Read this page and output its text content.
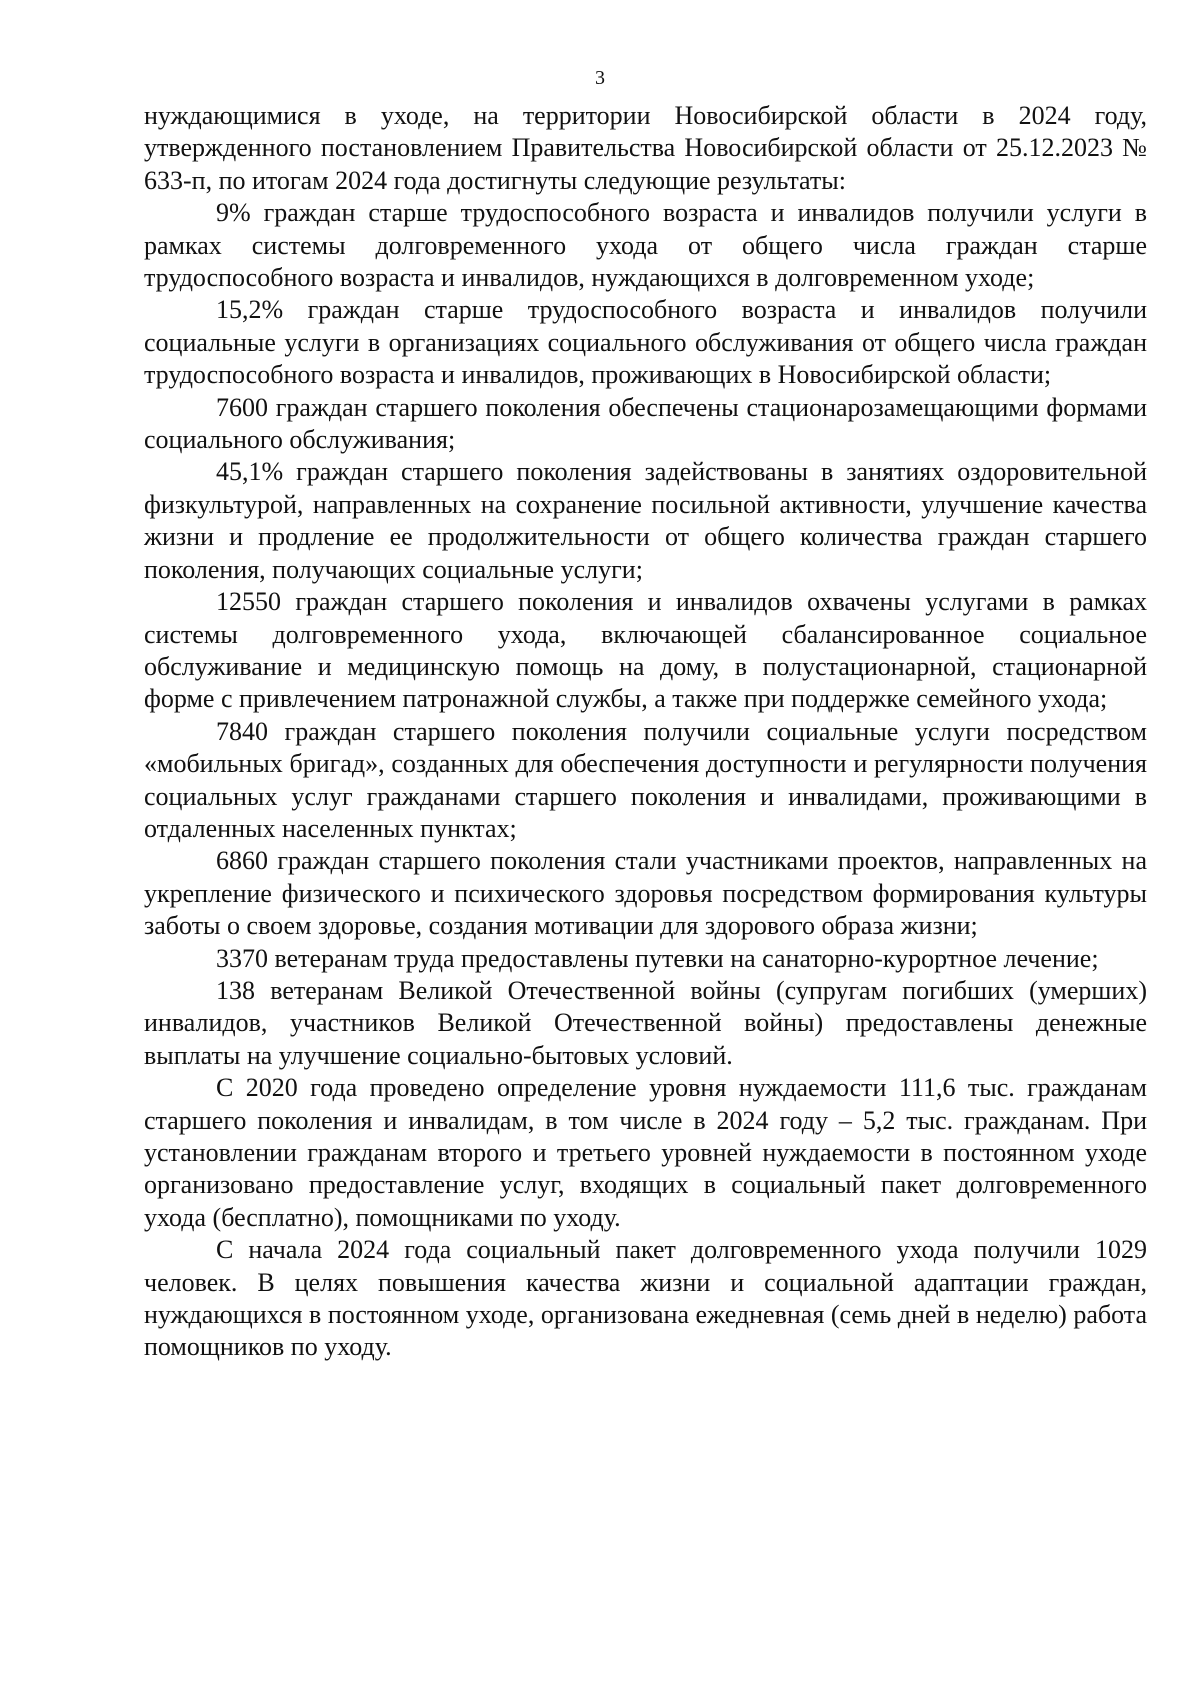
3

нуждающимися в уходе, на территории Новосибирской области в 2024 году, утвержденного постановлением Правительства Новосибирской области от 25.12.2023 № 633-п, по итогам 2024 года достигнуты следующие результаты:

9% граждан старше трудоспособного возраста и инвалидов получили услуги в рамках системы долговременного ухода от общего числа граждан старше трудоспособного возраста и инвалидов, нуждающихся в долговременном уходе;

15,2% граждан старше трудоспособного возраста и инвалидов получили социальные услуги в организациях социального обслуживания от общего числа граждан трудоспособного возраста и инвалидов, проживающих в Новосибирской области;

7600 граждан старшего поколения обеспечены стационарозамещающими формами социального обслуживания;

45,1% граждан старшего поколения задействованы в занятиях оздоровительной физкультурой, направленных на сохранение посильной активности, улучшение качества жизни и продление ее продолжительности от общего количества граждан старшего поколения, получающих социальные услуги;

12550 граждан старшего поколения и инвалидов охвачены услугами в рамках системы долговременного ухода, включающей сбалансированное социальное обслуживание и медицинскую помощь на дому, в полустационарной, стационарной форме с привлечением патронажной службы, а также при поддержке семейного ухода;

7840 граждан старшего поколения получили социальные услуги посредством «мобильных бригад», созданных для обеспечения доступности и регулярности получения социальных услуг гражданами старшего поколения и инвалидами, проживающими в отдаленных населенных пунктах;

6860 граждан старшего поколения стали участниками проектов, направленных на укрепление физического и психического здоровья посредством формирования культуры заботы о своем здоровье, создания мотивации для здорового образа жизни;

3370 ветеранам труда предоставлены путевки на санаторно-курортное лечение;

138 ветеранам Великой Отечественной войны (супругам погибших (умерших) инвалидов, участников Великой Отечественной войны) предоставлены денежные выплаты на улучшение социально-бытовых условий.

С 2020 года проведено определение уровня нуждаемости 111,6 тыс. гражданам старшего поколения и инвалидам, в том числе в 2024 году – 5,2 тыс. гражданам. При установлении гражданам второго и третьего уровней нуждаемости в постоянном уходе организовано предоставление услуг, входящих в социальный пакет долговременного ухода (бесплатно), помощниками по уходу.

С начала 2024 года социальный пакет долговременного ухода получили 1029 человек. В целях повышения качества жизни и социальной адаптации граждан, нуждающихся в постоянном уходе, организована ежедневная (семь дней в неделю) работа помощников по уходу.
